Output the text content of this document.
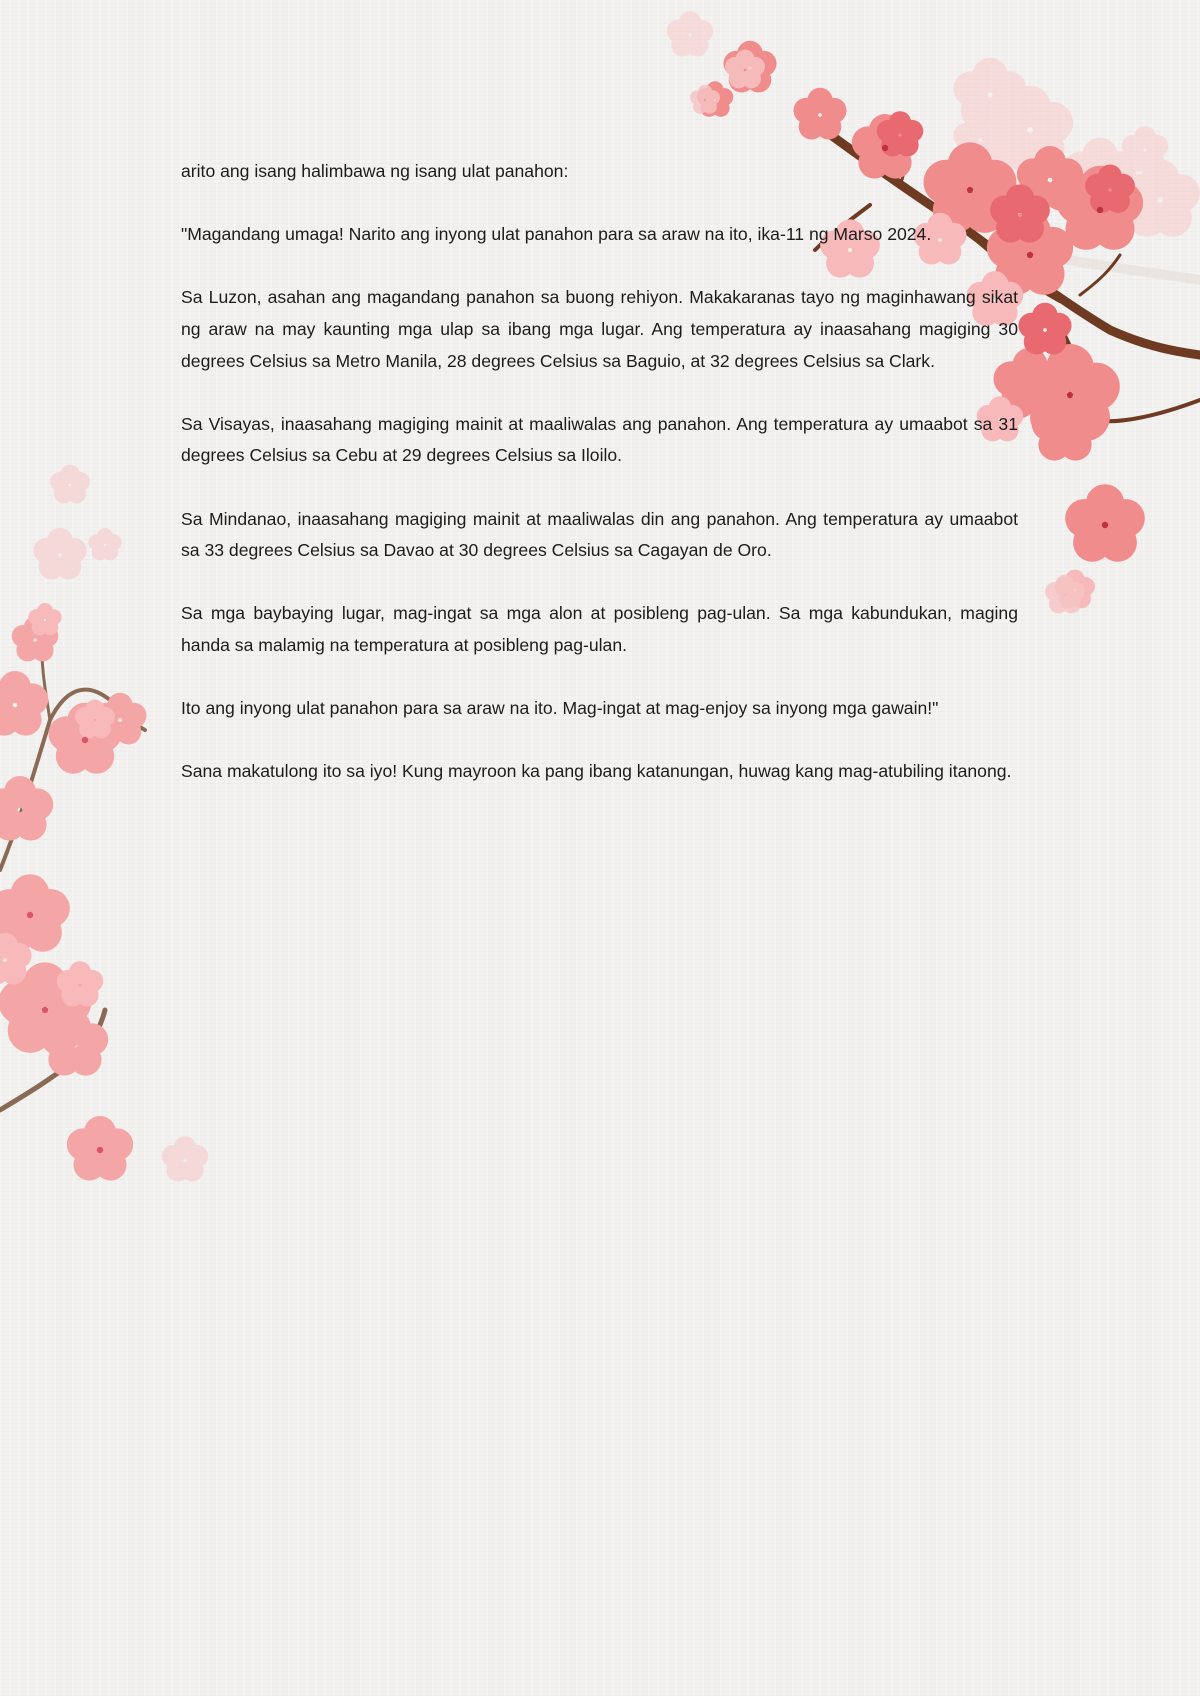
arito ang isang halimbawa ng isang ulat panahon:

"Magandang umaga! Narito ang inyong ulat panahon para sa araw na ito, ika-11 ng Marso 2024.

Sa Luzon, asahan ang magandang panahon sa buong rehiyon. Makakaranas tayo ng maginhawang sikat ng araw na may kaunting mga ulap sa ibang mga lugar. Ang temperatura ay inaasahang magiging 30 degrees Celsius sa Metro Manila, 28 degrees Celsius sa Baguio, at 32 degrees Celsius sa Clark.

Sa Visayas, inaasahang magiging mainit at maaliwalas ang panahon. Ang temperatura ay umaabot sa 31 degrees Celsius sa Cebu at 29 degrees Celsius sa Iloilo.

Sa Mindanao, inaasahang magiging mainit at maaliwalas din ang panahon. Ang temperatura ay umaabot sa 33 degrees Celsius sa Davao at 30 degrees Celsius sa Cagayan de Oro.

Sa mga baybaying lugar, mag-ingat sa mga alon at posibleng pag-ulan. Sa mga kabundukan, maging handa sa malamig na temperatura at posibleng pag-ulan.

Ito ang inyong ulat panahon para sa araw na ito. Mag-ingat at mag-enjoy sa inyong mga gawain!"

Sana makatulong ito sa iyo! Kung mayroon ka pang ibang katanungan, huwag kang mag-atubiling itanong.
